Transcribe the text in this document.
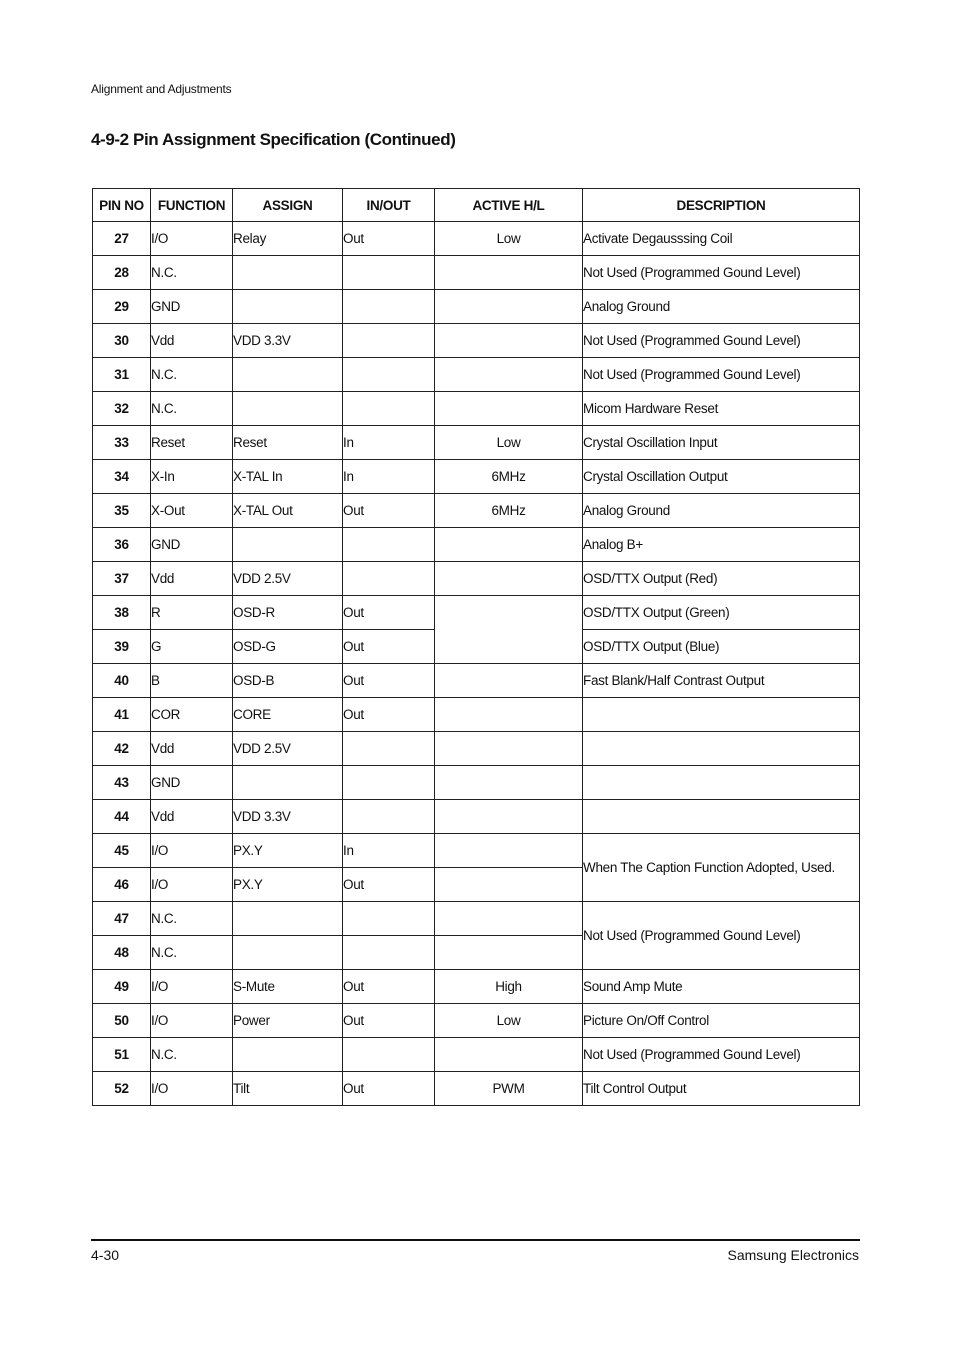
Alignment and Adjustments
4-9-2 Pin Assignment Specification (Continued)
PIN NO	FUNCTION	ASSIGN	IN/OUT	ACTIVE H/L	DESCRIPTION
27	I/O	Relay	Out	Low	Activate Degausssing Coil
28	N.C.				Not Used (Programmed Gound Level)
29	GND				Analog Ground
30	Vdd	VDD 3.3V			Not Used (Programmed Gound Level)
31	N.C.				Not Used (Programmed Gound Level)
32	N.C.				Micom Hardware Reset
33	Reset	Reset	In	Low	Crystal Oscillation Input
34	X-In	X-TAL In	In	6MHz	Crystal Oscillation Output
35	X-Out	X-TAL Out	Out	6MHz	Analog Ground
36	GND				Analog B+
37	Vdd	VDD 2.5V			OSD/TTX Output (Red)
38	R	OSD-R	Out		OSD/TTX Output (Green)
39	G	OSD-G	Out		OSD/TTX Output (Blue)
40	B	OSD-B	Out		Fast Blank/Half Contrast Output
41	COR	CORE	Out		
42	Vdd	VDD 2.5V			
43	GND				
44	Vdd	VDD 3.3V			
45	I/O	PX.Y	In		When The Caption Function Adopted, Used.
46	I/O	PX.Y	Out		
47	N.C.				Not Used (Programmed Gound Level)
48	N.C.				
49	I/O	S-Mute	Out	High	Sound Amp Mute
50	I/O	Power	Out	Low	Picture On/Off Control
51	N.C.				Not Used (Programmed Gound Level)
52	I/O	Tilt	Out	PWM	Tilt Control Output
4-30	Samsung Electronics
